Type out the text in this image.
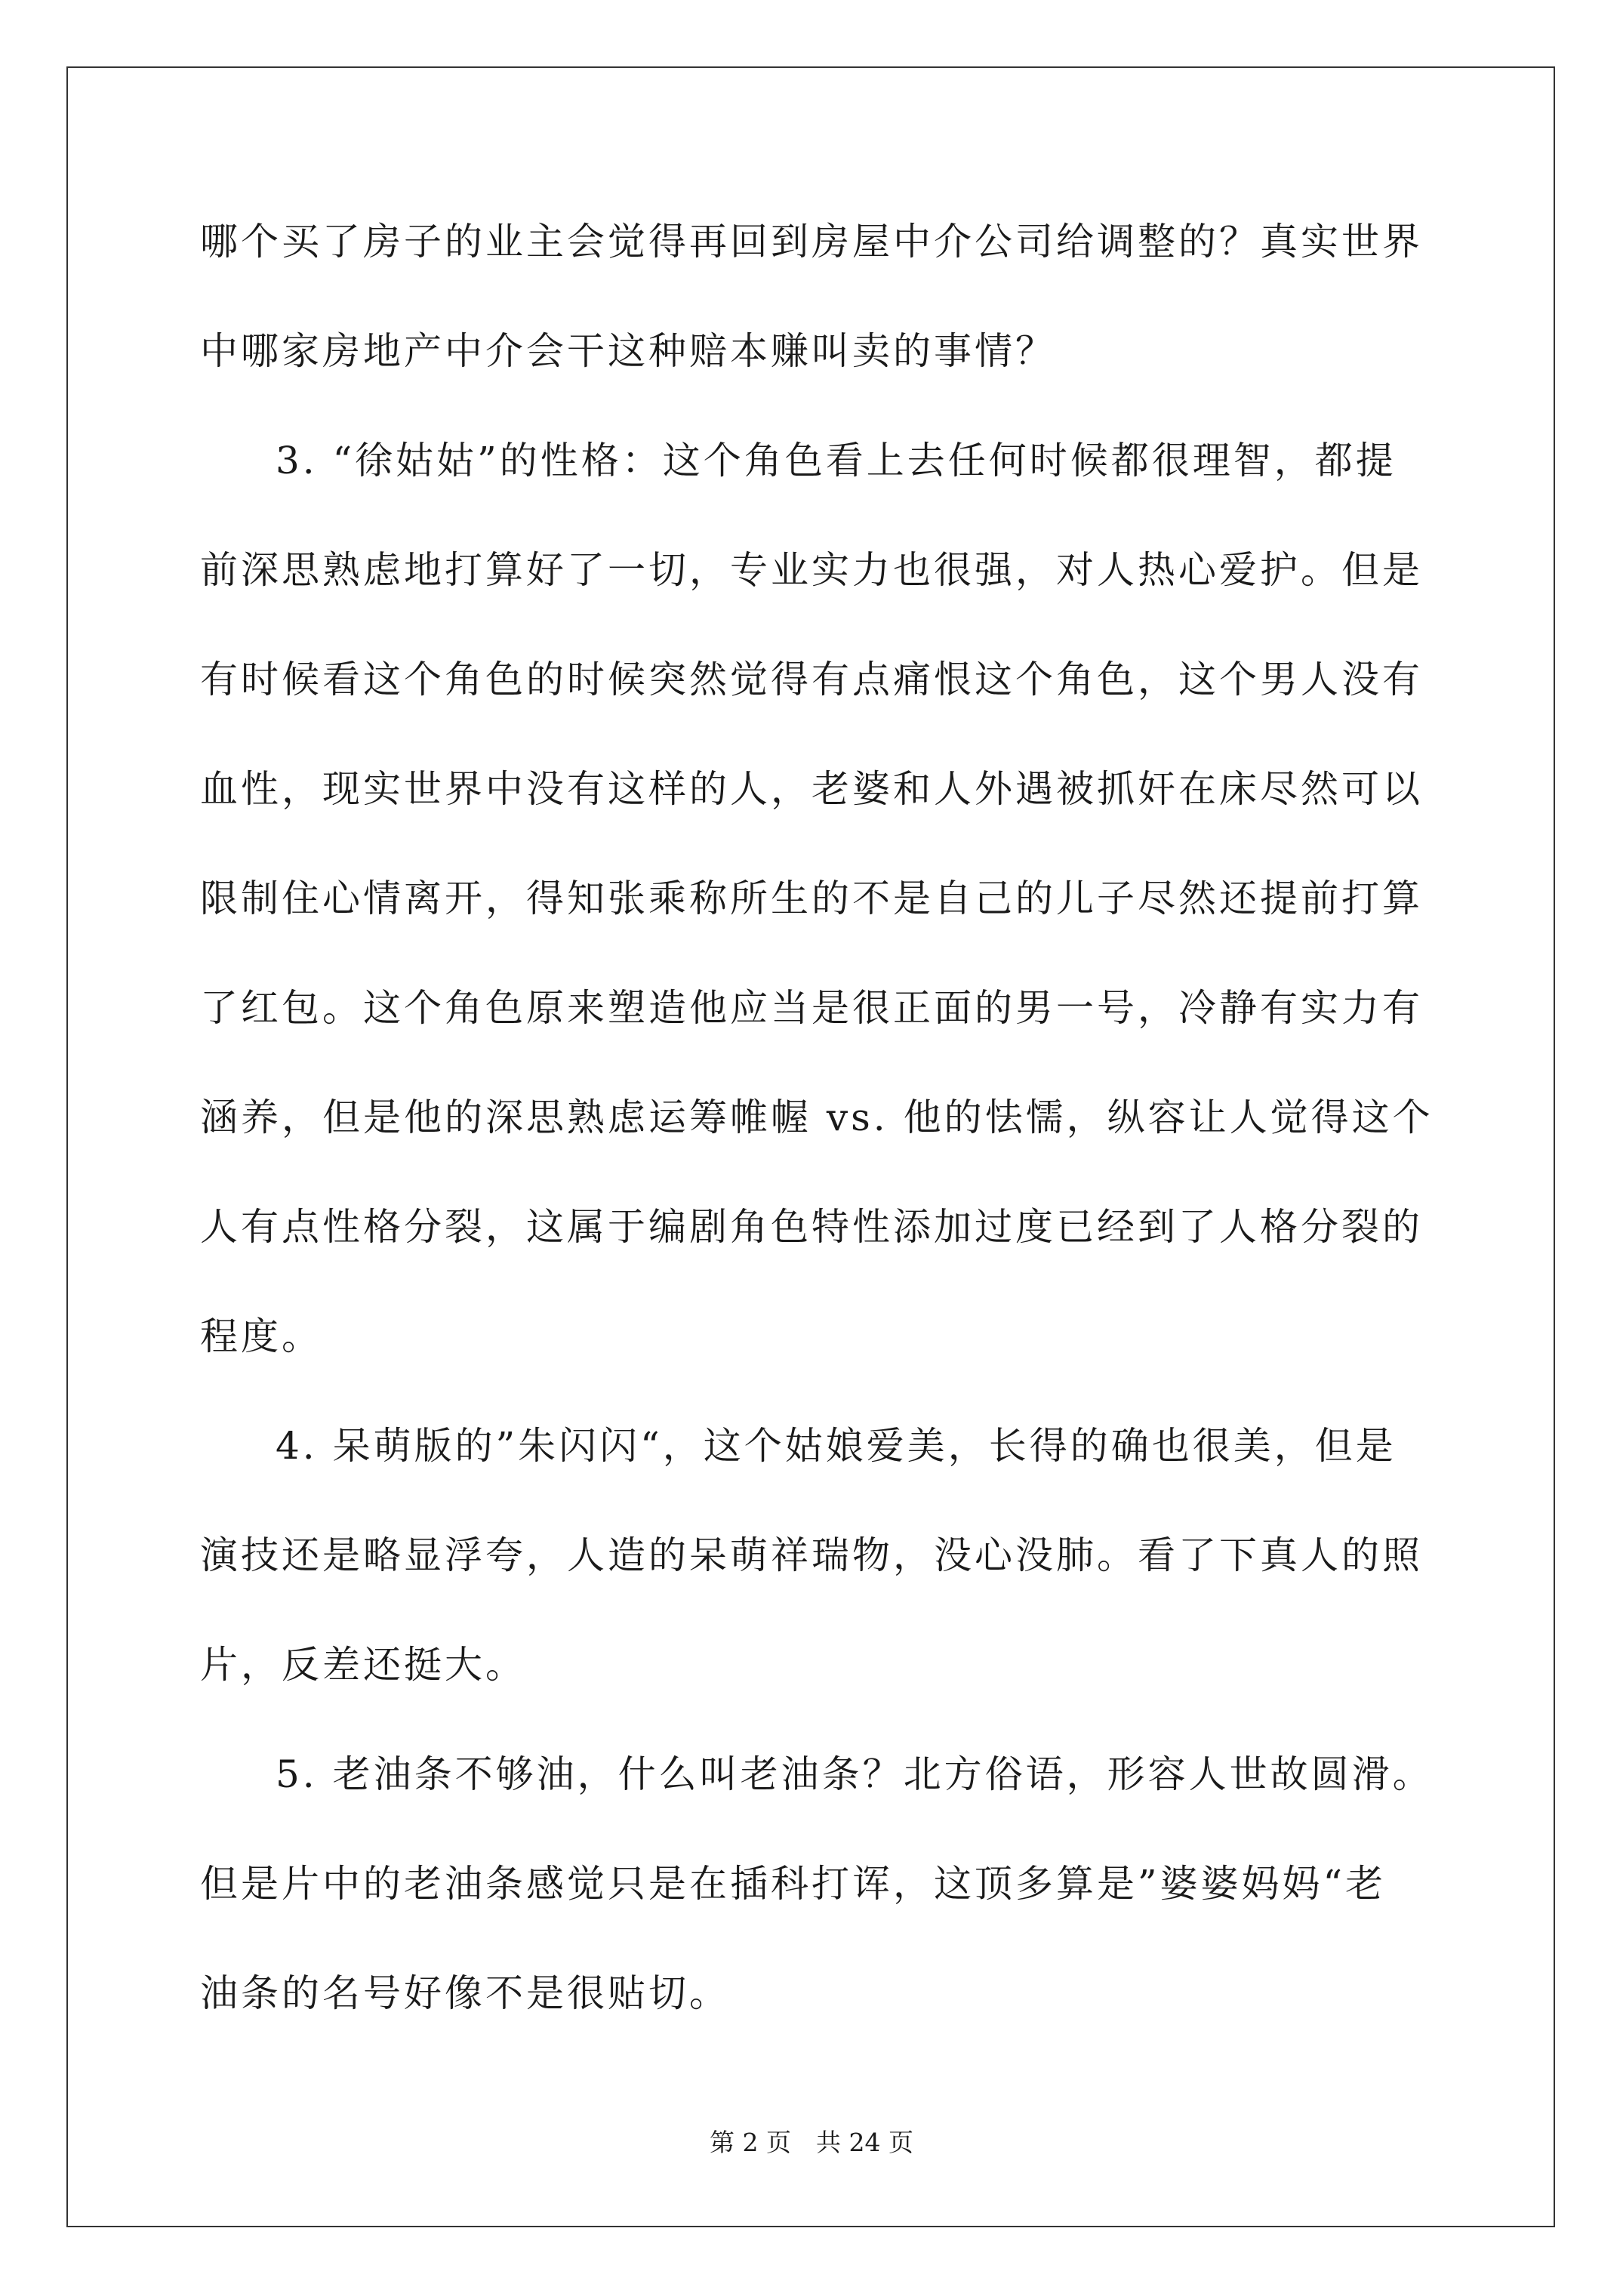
哪个买了房子的业主会觉得再回到房屋中介公司给调整的？真实世界
中哪家房地产中介会干这种赔本赚叫卖的事情？
3. “徐姑姑”的性格：这个角色看上去任何时候都很理智，都提
前深思熟虑地打算好了一切，专业实力也很强，对人热心爱护。但是
有时候看这个角色的时候突然觉得有点痛恨这个角色，这个男人没有
血性，现实世界中没有这样的人，老婆和人外遇被抓奸在床尽然可以
限制住心情离开，得知张乘称所生的不是自己的儿子尽然还提前打算
了红包。这个角色原来塑造他应当是很正面的男一号，冷静有实力有
涵养，但是他的深思熟虑运筹帷幄 vs. 他的怯懦，纵容让人觉得这个
人有点性格分裂，这属于编剧角色特性添加过度已经到了人格分裂的
程度。
4. 呆萌版的”朱闪闪“，这个姑娘爱美，长得的确也很美，但是
演技还是略显浮夸，人造的呆萌祥瑞物，没心没肺。看了下真人的照
片，反差还挺大。
5. 老油条不够油，什么叫老油条？北方俗语，形容人世故圆滑。
但是片中的老油条感觉只是在插科打诨，这顶多算是”婆婆妈妈“老
油条的名号好像不是很贴切。
第 2 页　共 24 页
